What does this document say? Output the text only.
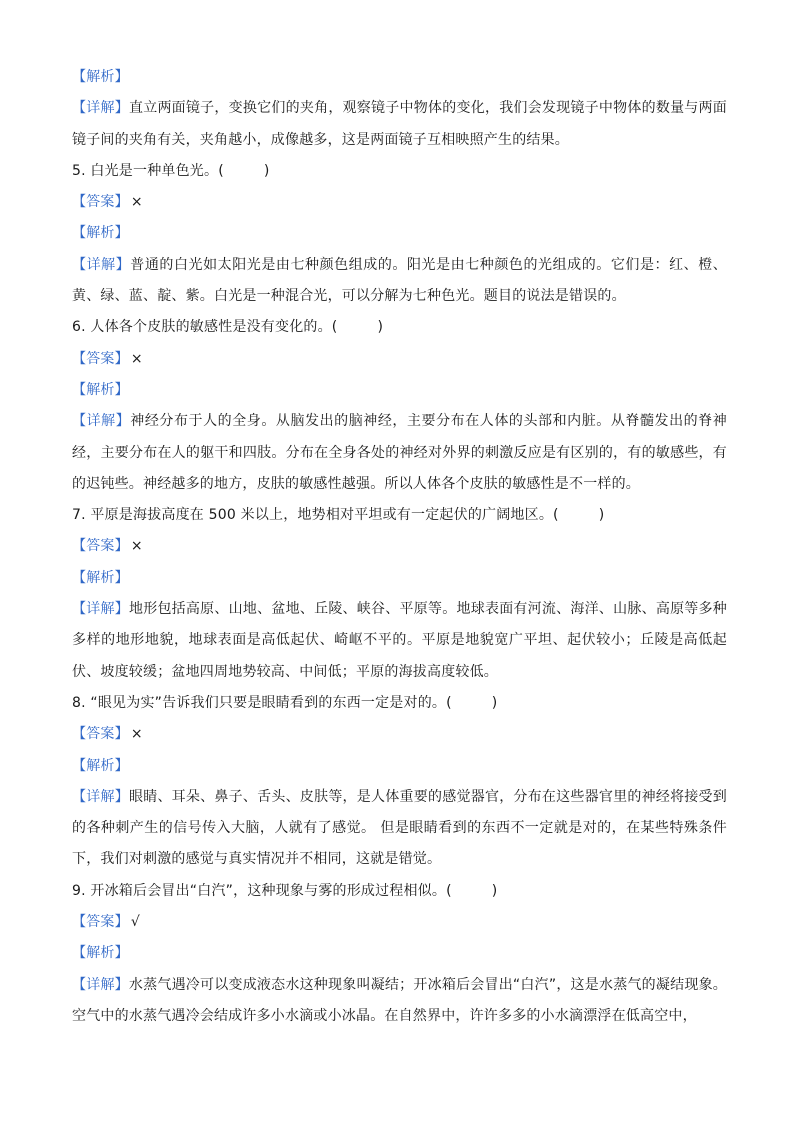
【解析】
【详解】直立两面镜子，变换它们的夹角，观察镜子中物体的变化，我们会发现镜子中物体的数量与两面镜子间的夹角有关，夹角越小，成像越多，这是两面镜子互相映照产生的结果。
5. 白光是一种单色光。(	)
【答案】 ×
【解析】
【详解】普通的白光如太阳光是由七种颜色组成的。阳光是由七种颜色的光组成的。它们是：红、橙、黄、绿、蓝、靛、紫。白光是一种混合光，可以分解为七种色光。题目的说法是错误的。
6. 人体各个皮肤的敏感性是没有变化的。(	)
【答案】 ×
【解析】
【详解】神经分布于人的全身。从脑发出的脑神经，主要分布在人体的头部和内脏。从脊髓发出的脊神经，主要分布在人的躯干和四肢。分布在全身各处的神经对外界的刺激反应是有区别的，有的敏感些，有的迟钝些。神经越多的地方，皮肤的敏感性越强。所以人体各个皮肤的敏感性是不一样的。
7. 平原是海拔高度在 500 米以上，地势相对平坦或有一定起伏的广阔地区。(	)
【答案】 ×
【解析】
【详解】地形包括高原、山地、盆地、丘陵、峡谷、平原等。地球表面有河流、海洋、山脉、高原等多种多样的地形地貌，地球表面是高低起伏、崎岖不平的。平原是地貌宽广平坦、起伏较小；丘陵是高低起伏、坡度较缓；盆地四周地势较高、中间低；平原的海拔高度较低。
8. “眼见为实”告诉我们只要是眼睛看到的东西一定是对的。(	)
【答案】 ×
【解析】
【详解】眼睛、耳朵、鼻子、舌头、皮肤等，是人体重要的感觉器官，分布在这些器官里的神经将接受到的各种刺产生的信号传入大脑，人就有了感觉。 但是眼睛看到的东西不一定就是对的，在某些特殊条件下，我们对刺激的感觉与真实情况并不相同，这就是错觉。
9. 开冰箱后会冒出“白汽”，这种现象与雾的形成过程相似。(	)
【答案】 √
【解析】
【详解】水蒸气遇冷可以变成液态水这种现象叫凝结；开冰箱后会冒出“白汽”，这是水蒸气的凝结现象。空气中的水蒸气遇冷会结成许多小水滴或小冰晶。在自然界中，许许多多的小水滴漂浮在低高空中，
